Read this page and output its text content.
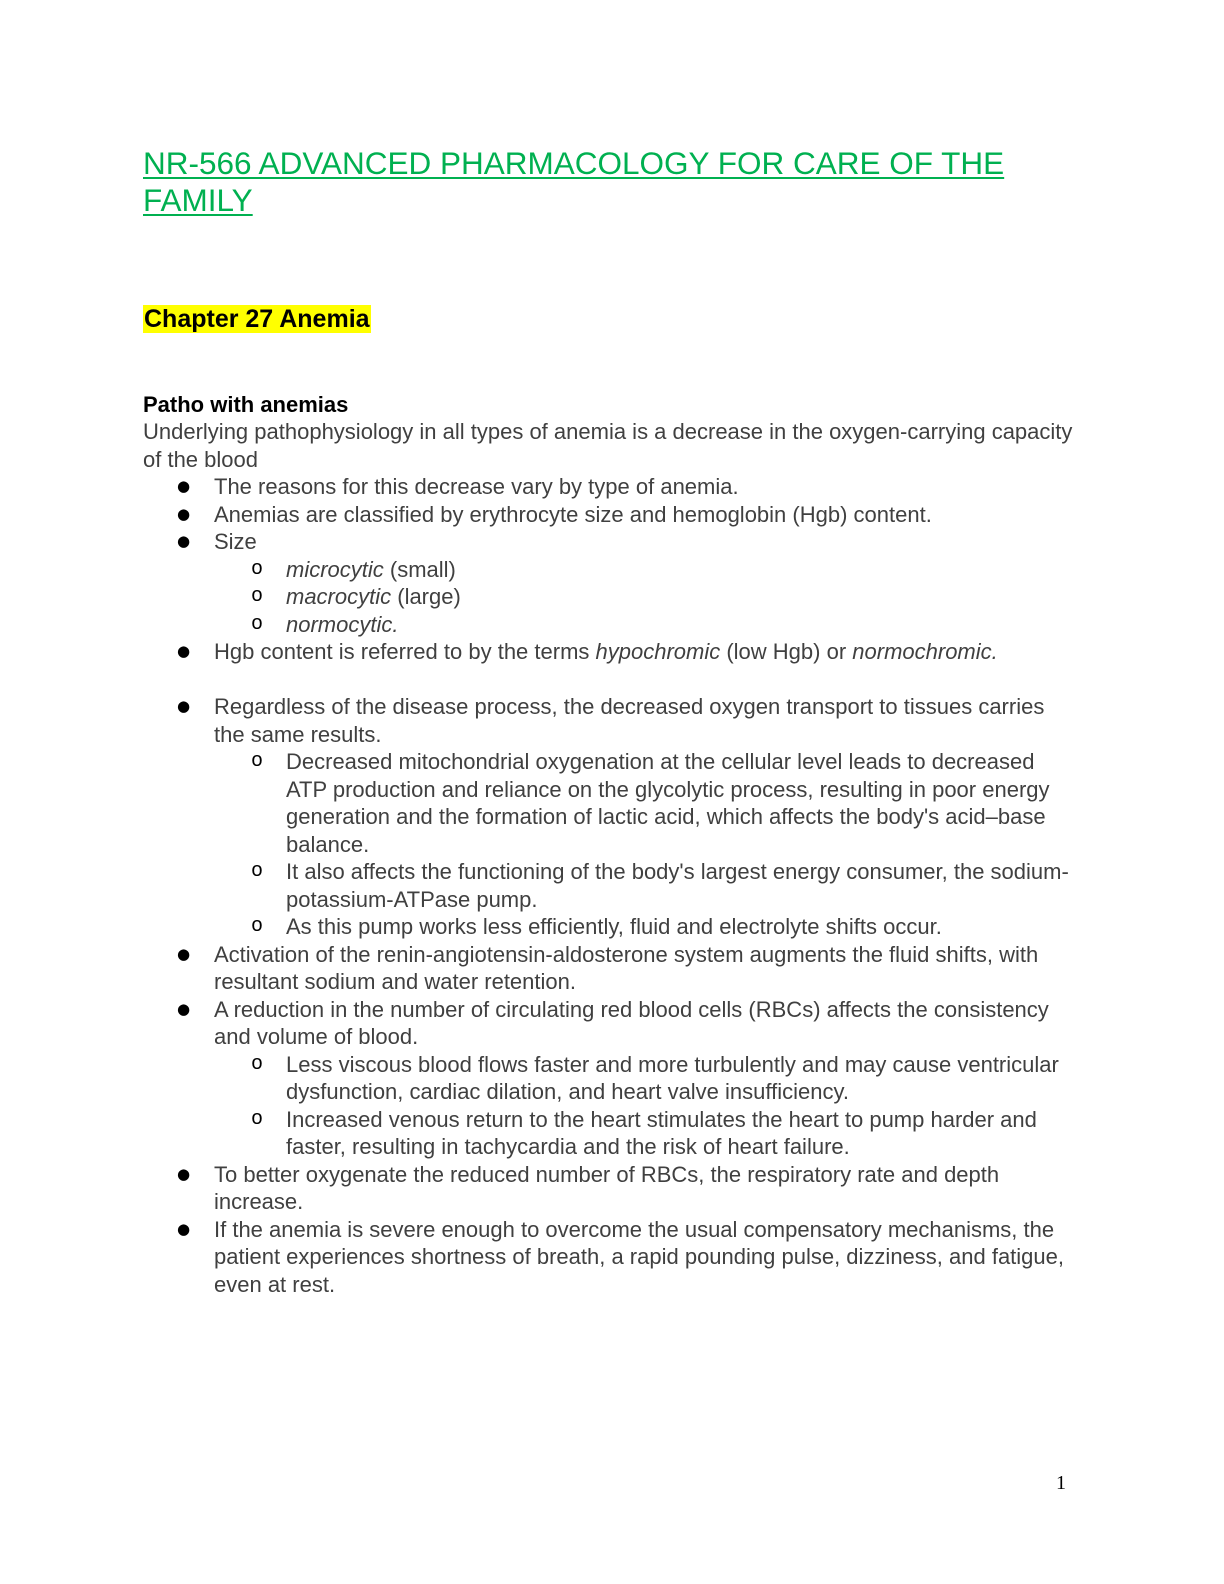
NR-566 ADVANCED PHARMACOLOGY FOR CARE OF THE FAMILY
Chapter 27 Anemia
Patho with anemias

Underlying pathophysiology in all types of anemia is a decrease in the oxygen-carrying capacity of the blood

● The reasons for this decrease vary by type of anemia.
● Anemias are classified by erythrocyte size and hemoglobin (Hgb) content.
● Size
o microcytic (small)
o macrocytic (large)
o normocytic.
● Hgb content is referred to by the terms hypochromic (low Hgb) or normochromic.
● Regardless of the disease process, the decreased oxygen transport to tissues carries the same results.
o Decreased mitochondrial oxygenation at the cellular level leads to decreased ATP production and reliance on the glycolytic process, resulting in poor energy generation and the formation of lactic acid, which affects the body's acid–base balance.
o It also affects the functioning of the body's largest energy consumer, the sodium-potassium-ATPase pump.
o As this pump works less efficiently, fluid and electrolyte shifts occur.
● Activation of the renin-angiotensin-aldosterone system augments the fluid shifts, with resultant sodium and water retention.
● A reduction in the number of circulating red blood cells (RBCs) affects the consistency and volume of blood.
o Less viscous blood flows faster and more turbulently and may cause ventricular dysfunction, cardiac dilation, and heart valve insufficiency.
o Increased venous return to the heart stimulates the heart to pump harder and faster, resulting in tachycardia and the risk of heart failure.
● To better oxygenate the reduced number of RBCs, the respiratory rate and depth increase.
● If the anemia is severe enough to overcome the usual compensatory mechanisms, the patient experiences shortness of breath, a rapid pounding pulse, dizziness, and fatigue, even at rest.
1
